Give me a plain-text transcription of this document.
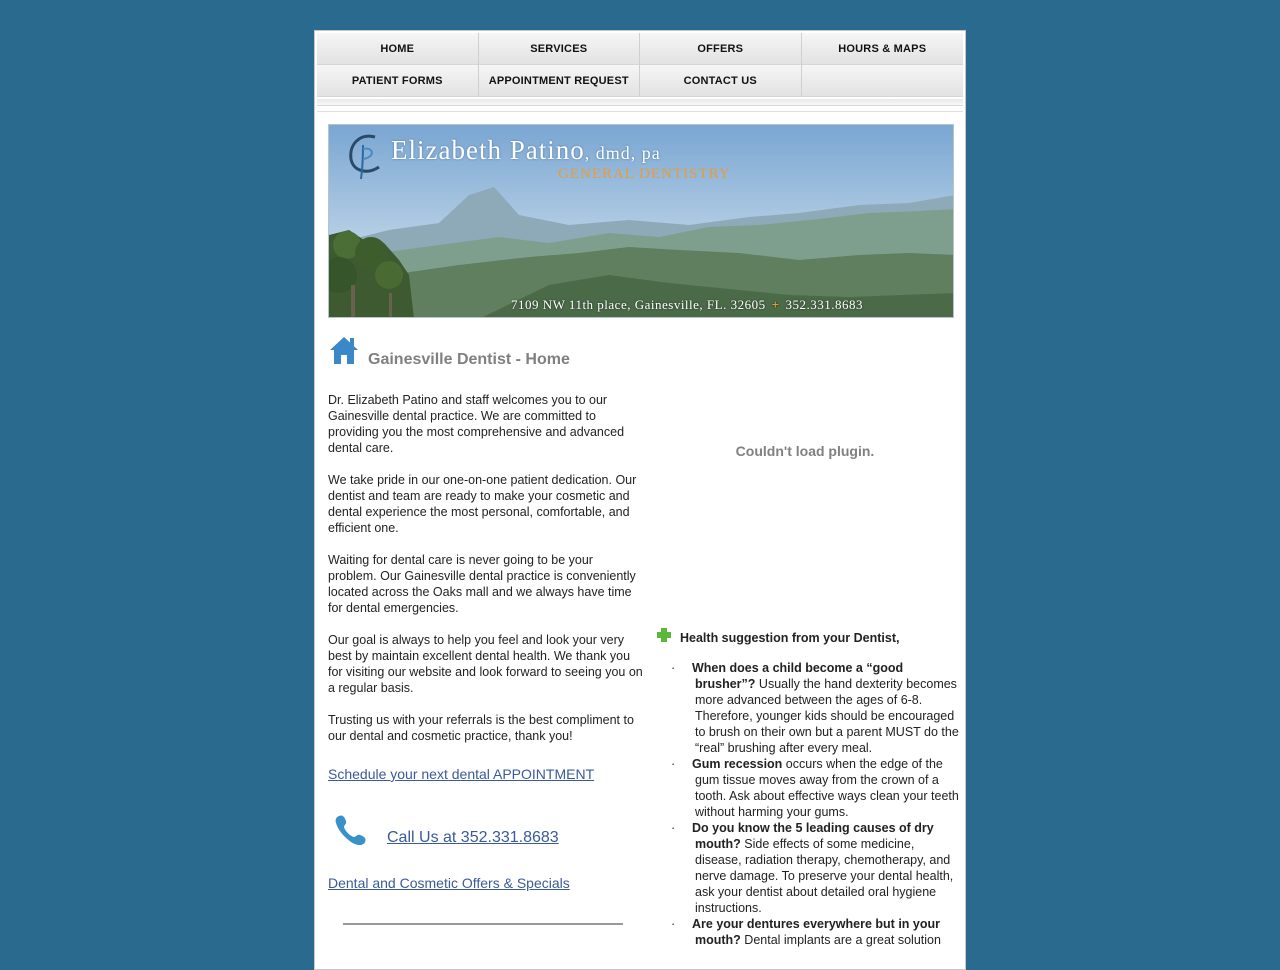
HOME	SERVICES	OFFERS	HOURS & MAPS
PATIENT FORMS	APPOINTMENT REQUEST	CONTACT US
Elizabeth Patino, dmd, pa
GENERAL DENTISTRY
7109 NW 11th place, Gainesville, FL. 32605 + 352.331.8683
Gainesville Dentist - Home

Dr. Elizabeth Patino and staff welcomes you to our Gainesville dental practice. We are committed to providing you the most comprehensive and advanced dental care.

We take pride in our one-on-one patient dedication. Our dentist and team are ready to make your cosmetic and dental experience the most personal, comfortable, and efficient one.

Waiting for dental care is never going to be your problem. Our Gainesville dental practice is conveniently located across the Oaks mall and we always have time for dental emergencies.

Our goal is always to help you feel and look your very best by maintain excellent dental health. We thank you for visiting our website and look forward to seeing you on a regular basis.

Trusting us with your referrals is the best compliment to our dental and cosmetic practice, thank you!

Schedule your next dental APPOINTMENT
Call Us at 352.331.8683
Dental and Cosmetic Offers & Specials
Couldn't load plugin.
Health suggestion from your Dentist,
· When does a child become a “good brusher”? Usually the hand dexterity becomes more advanced between the ages of 6-8. Therefore, younger kids should be encouraged to brush on their own but a parent MUST do the “real” brushing after every meal.
· Gum recession occurs when the edge of the gum tissue moves away from the crown of a tooth. Ask about effective ways clean your teeth without harming your gums.
· Do you know the 5 leading causes of dry mouth? Side effects of some medicine, disease, radiation therapy, chemotherapy, and nerve damage. To preserve your dental health, ask your dentist about detailed oral hygiene instructions.
· Are your dentures everywhere but in your mouth? Dental implants are a great solution
